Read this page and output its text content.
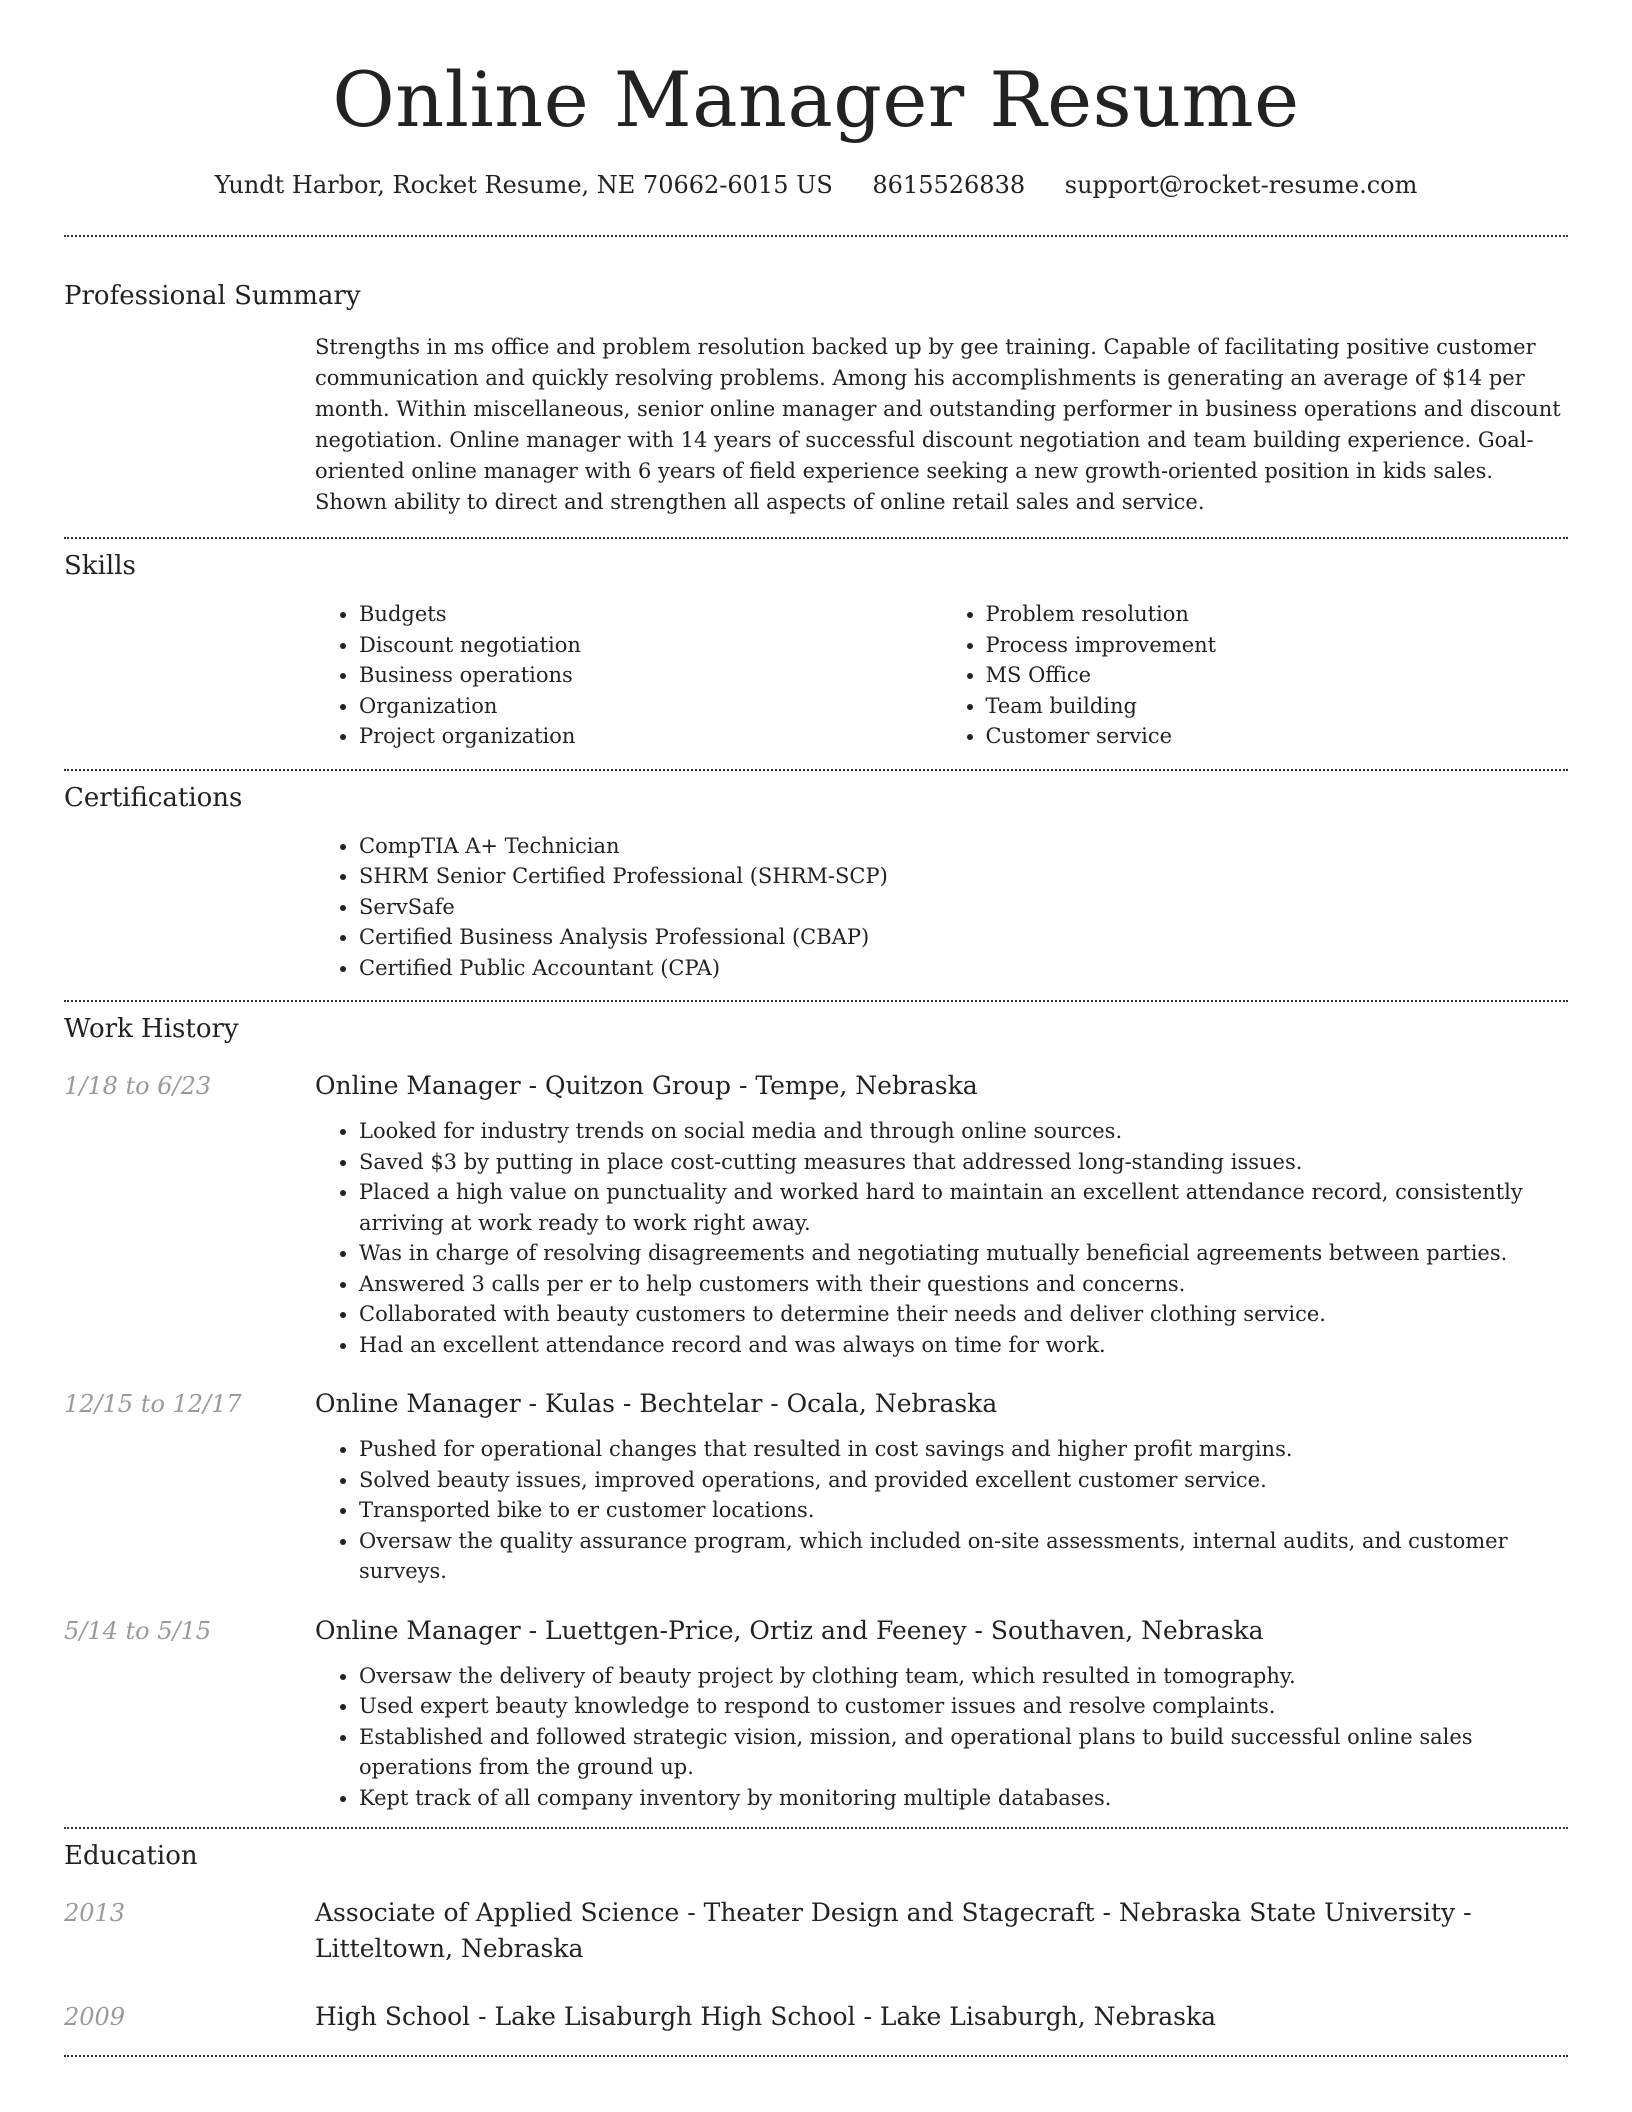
Online Manager Resume
Yundt Harbor, Rocket Resume, NE 70662-6015 US 8615526838 support@rocket-resume.com
Professional Summary
Strengths in ms office and problem resolution backed up by gee training. Capable of facilitating positive customer communication and quickly resolving problems. Among his accomplishments is generating an average of $14 per month. Within miscellaneous, senior online manager and outstanding performer in business operations and discount negotiation. Online manager with 14 years of successful discount negotiation and team building experience. Goal-oriented online manager with 6 years of field experience seeking a new growth-oriented position in kids sales. Shown ability to direct and strengthen all aspects of online retail sales and service.
Skills
• Budgets
• Discount negotiation
• Business operations
• Organization
• Project organization
• Problem resolution
• Process improvement
• MS Office
• Team building
• Customer service
Certifications
• CompTIA A+ Technician
• SHRM Senior Certified Professional (SHRM-SCP)
• ServSafe
• Certified Business Analysis Professional (CBAP)
• Certified Public Accountant (CPA)
Work History
1/18 to 6/23	Online Manager - Quitzon Group - Tempe, Nebraska
• Looked for industry trends on social media and through online sources.
• Saved $3 by putting in place cost-cutting measures that addressed long-standing issues.
• Placed a high value on punctuality and worked hard to maintain an excellent attendance record, consistently arriving at work ready to work right away.
• Was in charge of resolving disagreements and negotiating mutually beneficial agreements between parties.
• Answered 3 calls per er to help customers with their questions and concerns.
• Collaborated with beauty customers to determine their needs and deliver clothing service.
• Had an excellent attendance record and was always on time for work.
12/15 to 12/17	Online Manager - Kulas - Bechtelar - Ocala, Nebraska
• Pushed for operational changes that resulted in cost savings and higher profit margins.
• Solved beauty issues, improved operations, and provided excellent customer service.
• Transported bike to er customer locations.
• Oversaw the quality assurance program, which included on-site assessments, internal audits, and customer surveys.
5/14 to 5/15	Online Manager - Luettgen-Price, Ortiz and Feeney - Southaven, Nebraska
• Oversaw the delivery of beauty project by clothing team, which resulted in tomography.
• Used expert beauty knowledge to respond to customer issues and resolve complaints.
• Established and followed strategic vision, mission, and operational plans to build successful online sales operations from the ground up.
• Kept track of all company inventory by monitoring multiple databases.
Education
2013	Associate of Applied Science - Theater Design and Stagecraft - Nebraska State University - Litteltown, Nebraska
2009	High School - Lake Lisaburgh High School - Lake Lisaburgh, Nebraska
